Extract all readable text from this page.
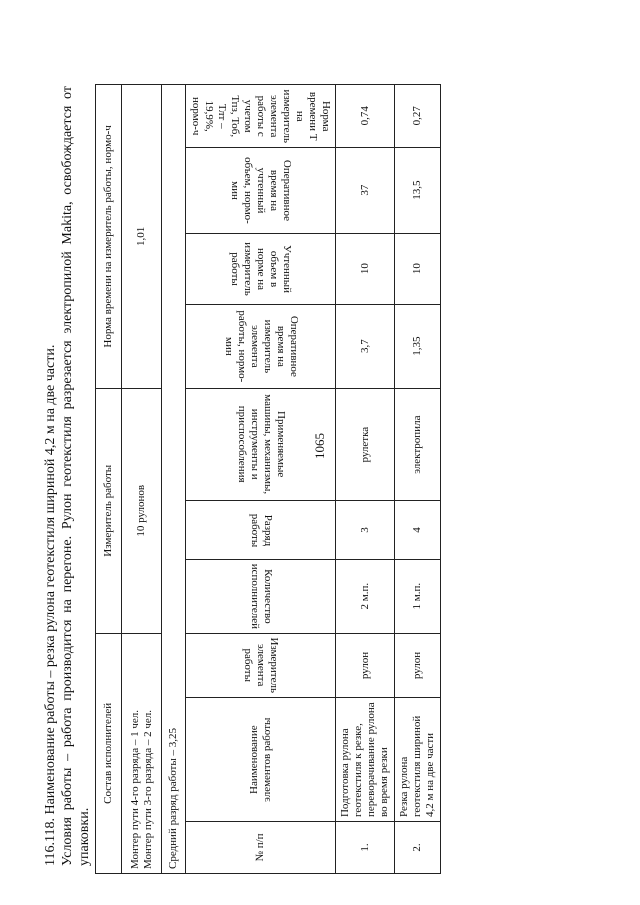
1065
116.118. Наименование работы – резка рулона геотекстиля шириной 4,2 м на две части. Условия работы – работа производится на перегоне. Рулон геотекстиля разрезается электропилой Makita, освобождается от упаковки.
Состав исполнителей			Измеритель работы			Норма времени на измеритель работы, нормо-ч			

Монтер пути 4-го разряда – 1 чел. Монтер пути 3-го разряда – 2 чел.			10 рулонов			1,01			
Средний разряд работы – 3,25									
№ п/п	Наименование элементов работы	Измеритель элемента работы	Количество исполнителей	Разряд работы	Применяемые машины, механизмы, инструменты и приспособления	Оперативное время на измеритель элемента работы, нормо-мин	Учтенный объем в норме на измеритель работы	Оперативное время на учтенный объем, нормо-мин	Норма времени Т на измеритель элемента работы с учетом Тпз, Тоб, Тлт – 19,9%, нормо-ч
1.	Подготовка рулона геотекстиля к резке, переворачивание рулона во время резки	рулон	2 м.п.	3	рулетка	3,7	10	37	0,74
2.	Резка рулона геотекстиля шириной 4,2 м на две части	рулон	1 м.п.	4	электропила	1,35	10	13,5	0,27
